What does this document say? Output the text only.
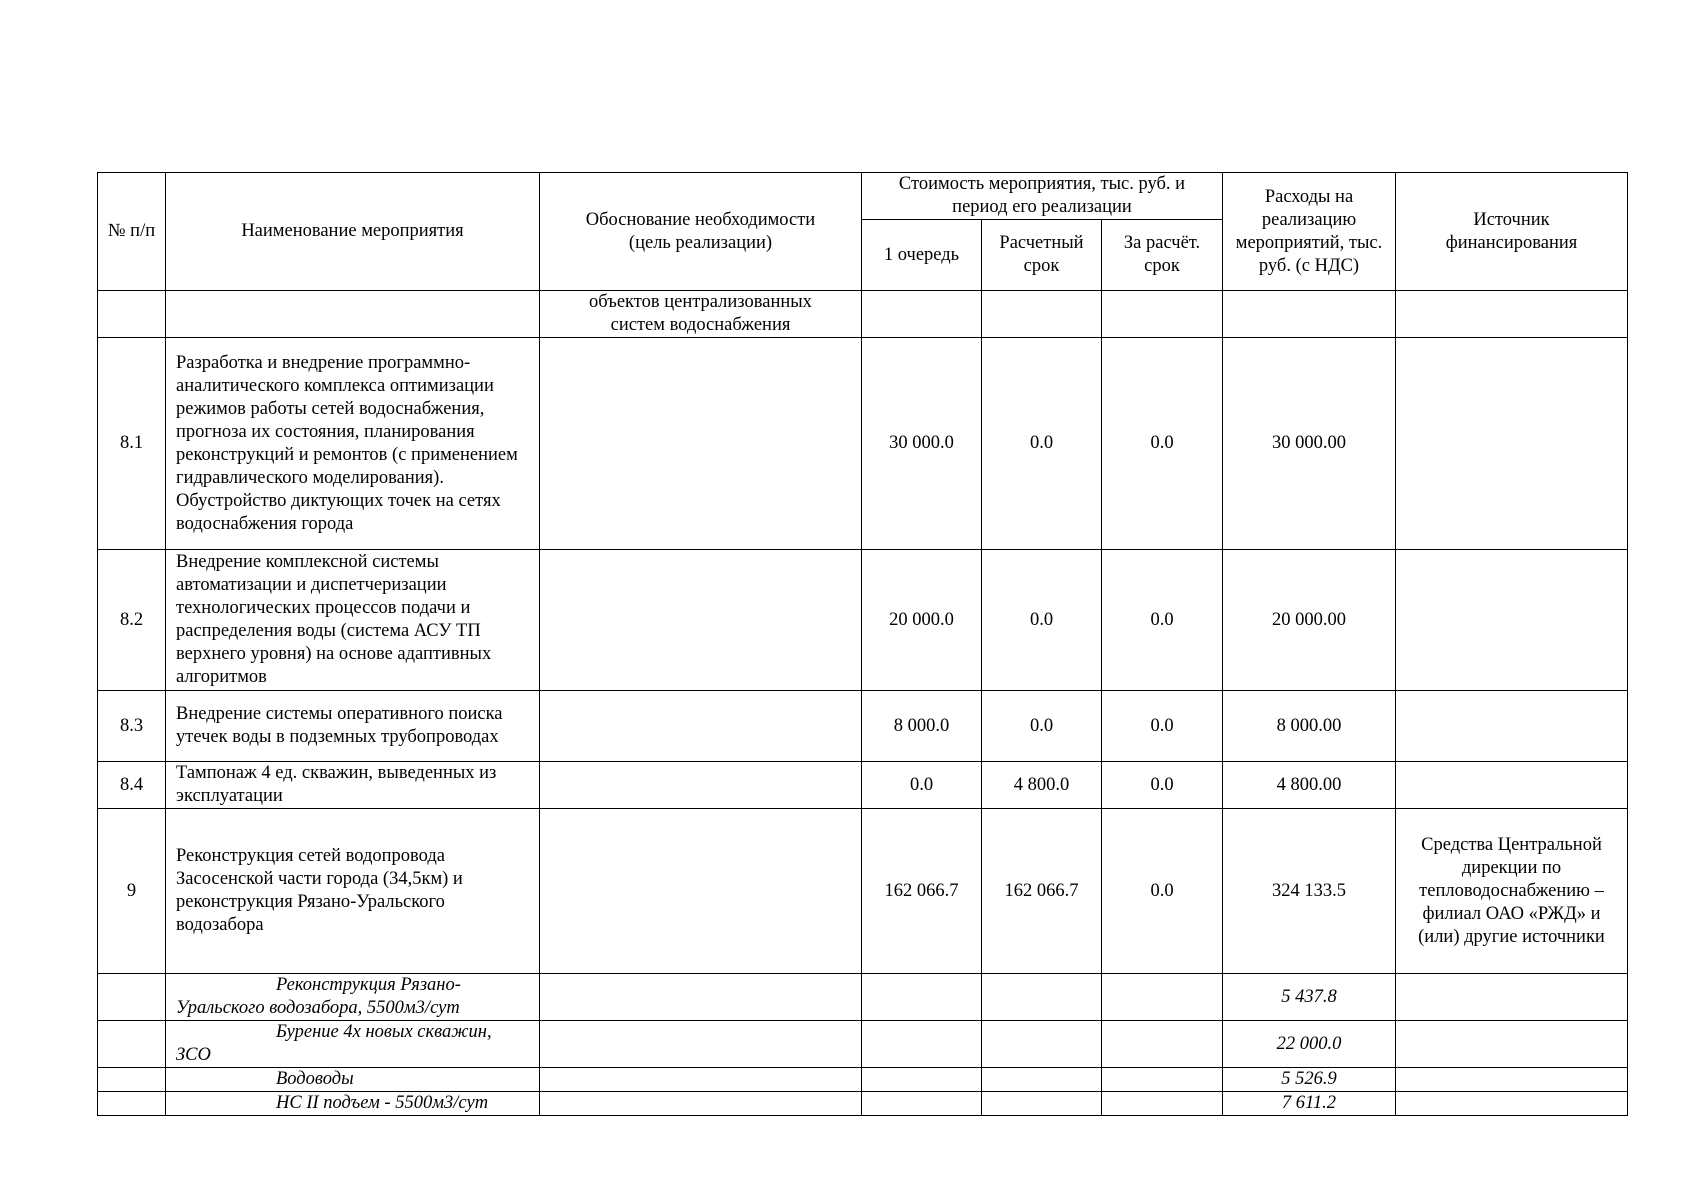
№ п/п	Наименование мероприятия	Обоснование необходимости (цель реализации)	Стоимость мероприятия, тыс. руб. и период его реализации			Расходы на реализацию мероприятий, тыс. руб. (с НДС)	Источник финансирования
			1 очередь	Расчетный срок	За расчёт. срок		
		объектов централизованных систем водоснабжения					
8.1	Разработка и внедрение программно-аналитического комплекса оптимизации режимов работы сетей водоснабжения, прогноза их состояния, планирования реконструкций и ремонтов (с применением гидравлического моделирования). Обустройство диктующих точек на сетях водоснабжения города		30 000.0	0.0	0.0	30 000.00	
8.2	Внедрение комплексной системы автоматизации и диспетчеризации технологических процессов подачи и распределения воды (система АСУ ТП верхнего уровня) на основе адаптивных алгоритмов		20 000.0	0.0	0.0	20 000.00	
8.3	Внедрение системы оперативного поиска утечек воды в подземных трубопроводах		8 000.0	0.0	0.0	8 000.00	
8.4	Тампонаж 4 ед. скважин, выведенных из эксплуатации		0.0	4 800.0	0.0	4 800.00	
9	Реконструкция сетей водопровода Засосенской части города (34,5км) и реконструкция Рязано-Уральского водозабора		162 066.7	162 066.7	0.0	324 133.5	Средства Центральной дирекции по тепловодоснабжению – филиал ОАО «РЖД» и (или) другие источники
	Реконструкция Рязано-Уральского водозабора, 5500м3/сут					5 437.8	
	Бурение 4х новых скважин, ЗСО					22 000.0	
	Водоводы					5 526.9	
	НС II подъем - 5500м3/сут					7 611.2	
